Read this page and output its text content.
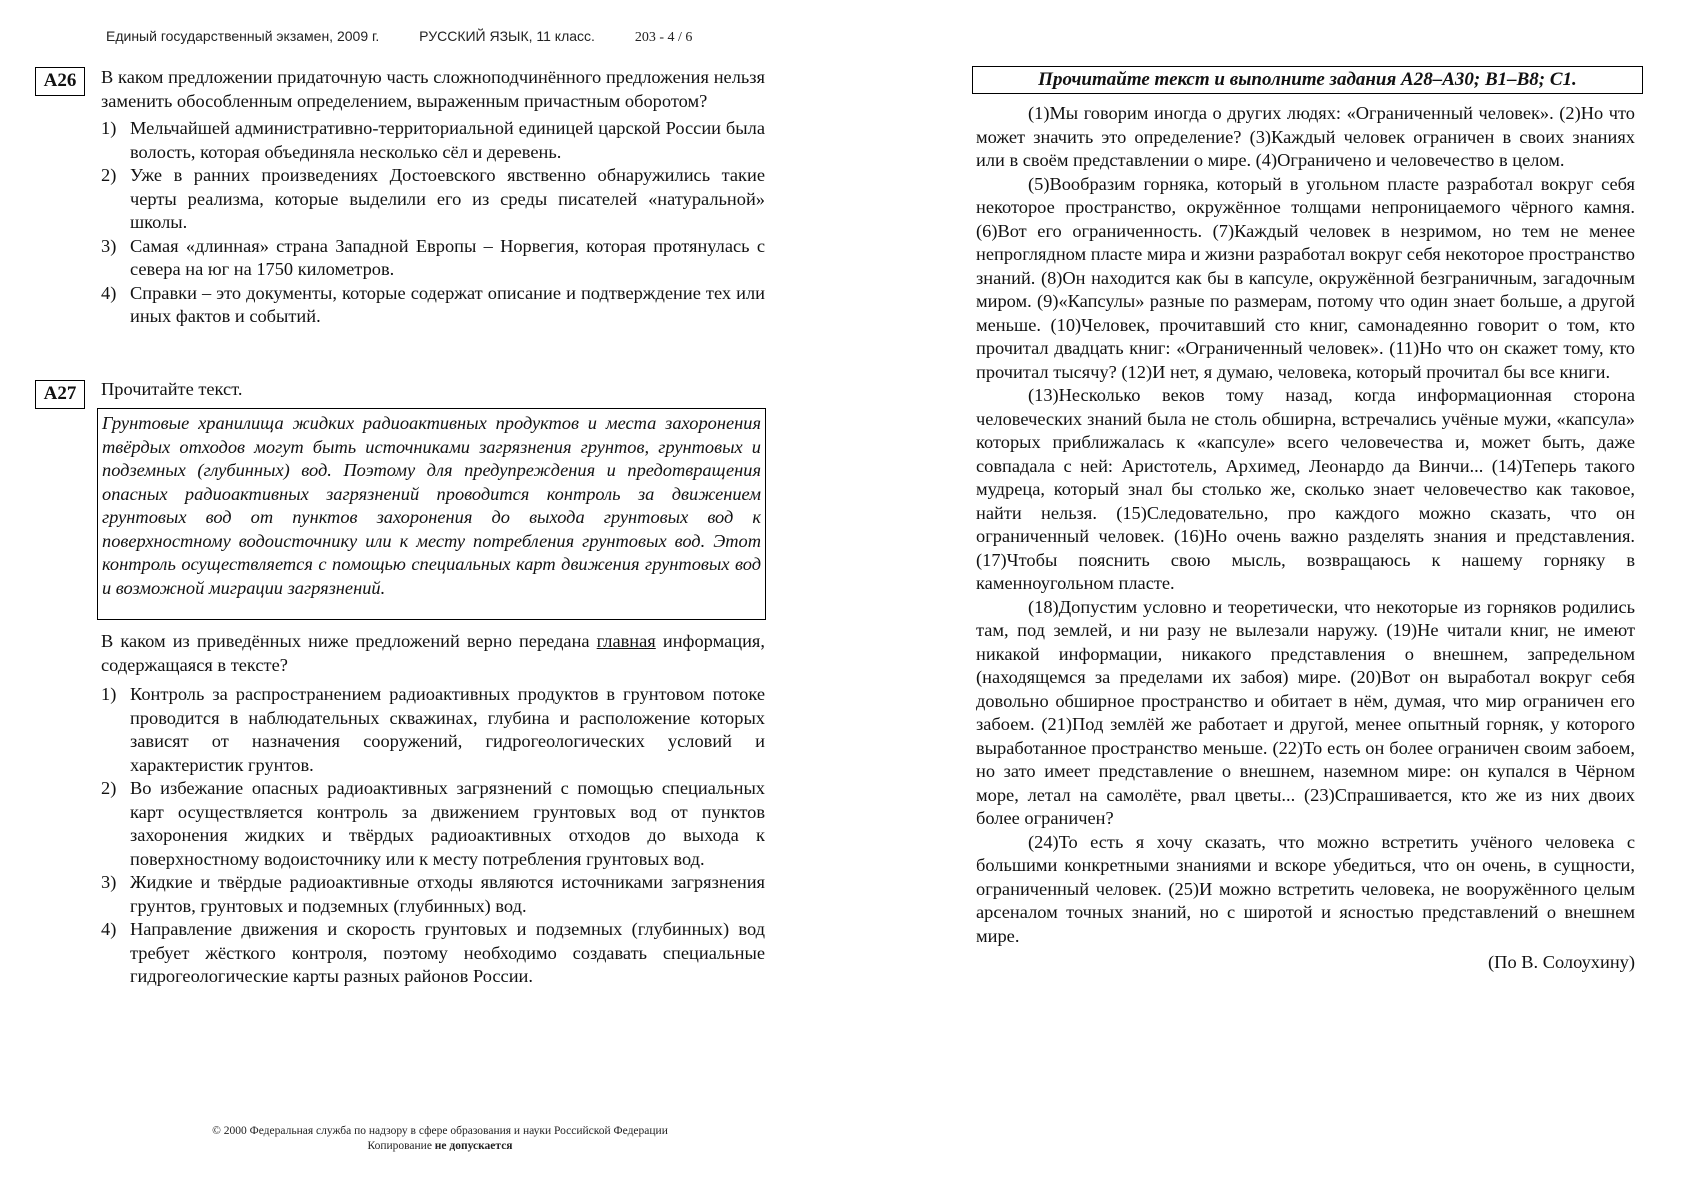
Единый государственный экзамен, 2009 г.	РУССКИЙ ЯЗЫК, 11 класс.	203 - 4 / 6
А26	В каком предложении придаточную часть сложноподчинённого предложения нельзя заменить обособленным определением, выраженным причастным оборотом?

1) Мельчайшей административно-территориальной единицей царской России была волость, которая объединяла несколько сёл и деревень.
2) Уже в ранних произведениях Достоевского явственно обнаружились такие черты реализма, которые выделили его из среды писателей «натуральной» школы.
3) Самая «длинная» страна Западной Европы – Норвегия, которая протянулась с севера на юг на 1750 километров.
4) Справки – это документы, которые содержат описание и подтверждение тех или иных фактов и событий.
А27	Прочитайте текст.

Грунтовые хранилища жидких радиоактивных продуктов и места захоронения твёрдых отходов могут быть источниками загрязнения грунтов, грунтовых и подземных (глубинных) вод. Поэтому для предупреждения и предотвращения опасных радиоактивных загрязнений проводится контроль за движением грунтовых вод от пунктов захоронения до выхода грунтовых вод к поверхностному водоисточнику или к месту потребления грунтовых вод. Этот контроль осуществляется с помощью специальных карт движения грунтовых вод и возможной миграции загрязнений.

В каком из приведённых ниже предложений верно передана главная информация, содержащаяся в тексте?

1) Контроль за распространением радиоактивных продуктов в грунтовом потоке проводится в наблюдательных скважинах, глубина и расположение которых зависят от назначения сооружений, гидрогеологических условий и характеристик грунтов.
2) Во избежание опасных радиоактивных загрязнений с помощью специальных карт осуществляется контроль за движением грунтовых вод от пунктов захоронения жидких и твёрдых радиоактивных отходов до выхода к поверхностному водоисточнику или к месту потребления грунтовых вод.
3) Жидкие и твёрдые радиоактивные отходы являются источниками загрязнения грунтов, грунтовых и подземных (глубинных) вод.
4) Направление движения и скорость грунтовых и подземных (глубинных) вод требует жёсткого контроля, поэтому необходимо создавать специальные гидрогеологические карты разных районов России.
Прочитайте текст и выполните задания А28–А30; В1–В8; С1.

(1)Мы говорим иногда о других людях: «Ограниченный человек». (2)Но что может значить это определение? (3)Каждый человек ограничен в своих знаниях или в своём представлении о мире. (4)Ограничено и человечество в целом.

(5)Вообразим горняка, который в угольном пласте разработал вокруг себя некоторое пространство, окружённое толщами непроницаемого чёрного камня. (6)Вот его ограниченность. (7)Каждый человек в незримом, но тем не менее непроглядном пласте мира и жизни разработал вокруг себя некоторое пространство знаний. (8)Он находится как бы в капсуле, окружённой безграничным, загадочным миром. (9)«Капсулы» разные по размерам, потому что один знает больше, а другой меньше. (10)Человек, прочитавший сто книг, самонадеянно говорит о том, кто прочитал двадцать книг: «Ограниченный человек». (11)Но что он скажет тому, кто прочитал тысячу? (12)И нет, я думаю, человека, который прочитал бы все книги.

(13)Несколько веков тому назад, когда информационная сторона человеческих знаний была не столь обширна, встречались учёные мужи, «капсула» которых приближалась к «капсуле» всего человечества и, может быть, даже совпадала с ней: Аристотель, Архимед, Леонардо да Винчи... (14)Теперь такого мудреца, который знал бы столько же, сколько знает человечество как таковое, найти нельзя. (15)Следовательно, про каждого можно сказать, что он ограниченный человек. (16)Но очень важно разделять знания и представления. (17)Чтобы пояснить свою мысль, возвращаюсь к нашему горняку в каменноугольном пласте.

(18)Допустим условно и теоретически, что некоторые из горняков родились там, под землей, и ни разу не вылезали наружу. (19)Не читали книг, не имеют никакой информации, никакого представления о внешнем, запредельном (находящемся за пределами их забоя) мире. (20)Вот он выработал вокруг себя довольно обширное пространство и обитает в нём, думая, что мир ограничен его забоем. (21)Под землёй же работает и другой, менее опытный горняк, у которого выработанное пространство меньше. (22)То есть он более ограничен своим забоем, но зато имеет представление о внешнем, наземном мире: он купался в Чёрном море, летал на самолёте, рвал цветы... (23)Спрашивается, кто же из них двоих более ограничен?

(24)То есть я хочу сказать, что можно встретить учёного человека с большими конкретными знаниями и вскоре убедиться, что он очень, в сущности, ограниченный человек. (25)И можно встретить человека, не вооружённого целым арсеналом точных знаний, но с широтой и ясностью представлений о внешнем мире.

(По В. Солоухину)
© 2000 Федеральная служба по надзору в сфере образования и науки Российской Федерации
Копирование не допускается
